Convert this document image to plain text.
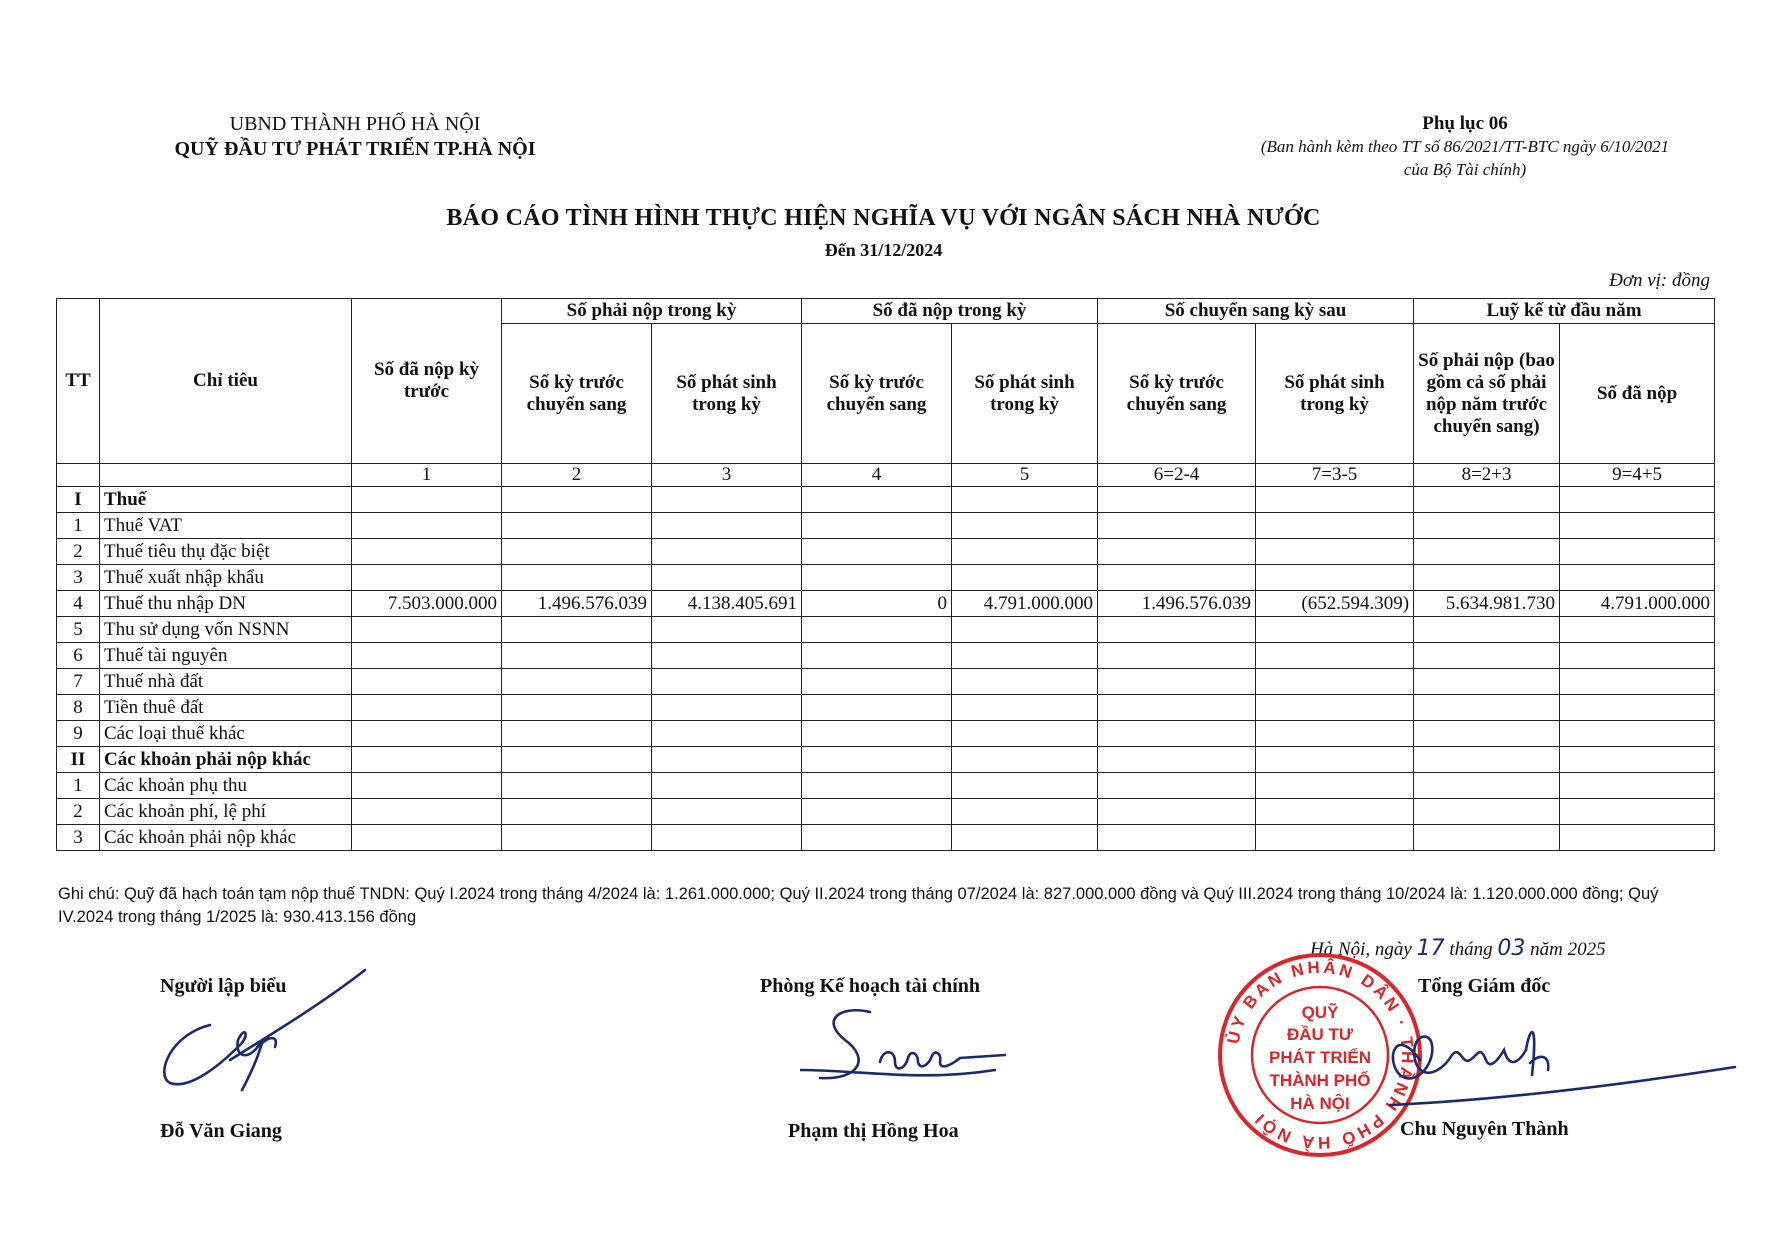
UBND THÀNH PHỐ HÀ NỘI
QUỸ ĐẦU TƯ PHÁT TRIỂN TP.HÀ NỘI
Phụ lục 06
(Ban hành kèm theo TT số 86/2021/TT-BTC ngày 6/10/2021
của Bộ Tài chính)
BÁO CÁO TÌNH HÌNH THỰC HIỆN NGHĨA VỤ VỚI NGÂN SÁCH NHÀ NƯỚC
Đến 31/12/2024
Đơn vị: đồng
TT	Chỉ tiêu	Số đã nộp kỳ trước	Số phải nộp trong kỳ		Số đã nộp trong kỳ		Số chuyển sang kỳ sau		Luỹ kế từ đầu năm	
			Số kỳ trước chuyển sang	Số phát sinh trong kỳ	Số kỳ trước chuyển sang	Số phát sinh trong kỳ	Số kỳ trước chuyển sang	Số phát sinh trong kỳ	Số phải nộp (bao gồm cả số phải nộp năm trước chuyển sang)	Số đã nộp
		1	2	3	4	5	6=2-4	7=3-5	8=2+3	9=4+5
I	Thuế									
1	Thuế VAT									
2	Thuế tiêu thụ đặc biệt									
3	Thuế xuất nhập khẩu									
4	Thuế thu nhập DN	7.503.000.000	1.496.576.039	4.138.405.691	0	4.791.000.000	1.496.576.039	(652.594.309)	5.634.981.730	4.791.000.000
5	Thu sử dụng vốn NSNN									
6	Thuế tài nguyên									
7	Thuế nhà đất									
8	Tiền thuê đất									
9	Các loại thuế khác									
II	Các khoản phải nộp khác									
1	Các khoản phụ thu									
2	Các khoản phí, lệ phí									
3	Các khoản phải nộp khác									
Ghi chú: Quỹ đã hạch toán tạm nộp thuế TNDN: Quý I.2024 trong tháng 4/2024 là: 1.261.000.000; Quý II.2024 trong tháng 07/2024 là: 827.000.000 đồng và Quý III.2024 trong tháng 10/2024 là: 1.120.000.000 đồng; Quý IV.2024 trong tháng 1/2025 là: 930.413.156 đồng
Hà Nội, ngày 17 tháng 03 năm 2025
Người lập biểu
Đỗ Văn Giang
Phòng Kế hoạch tài chính
Phạm thị Hồng Hoa
Tổng Giám đốc
ỦY BAN NHÂN DÂN · THÀNH PHỐ HÀ NỘI
QUỸ
ĐẦU TƯ
PHÁT TRIỂN
THÀNH PHỐ
HÀ NỘI
Chu Nguyên Thành
